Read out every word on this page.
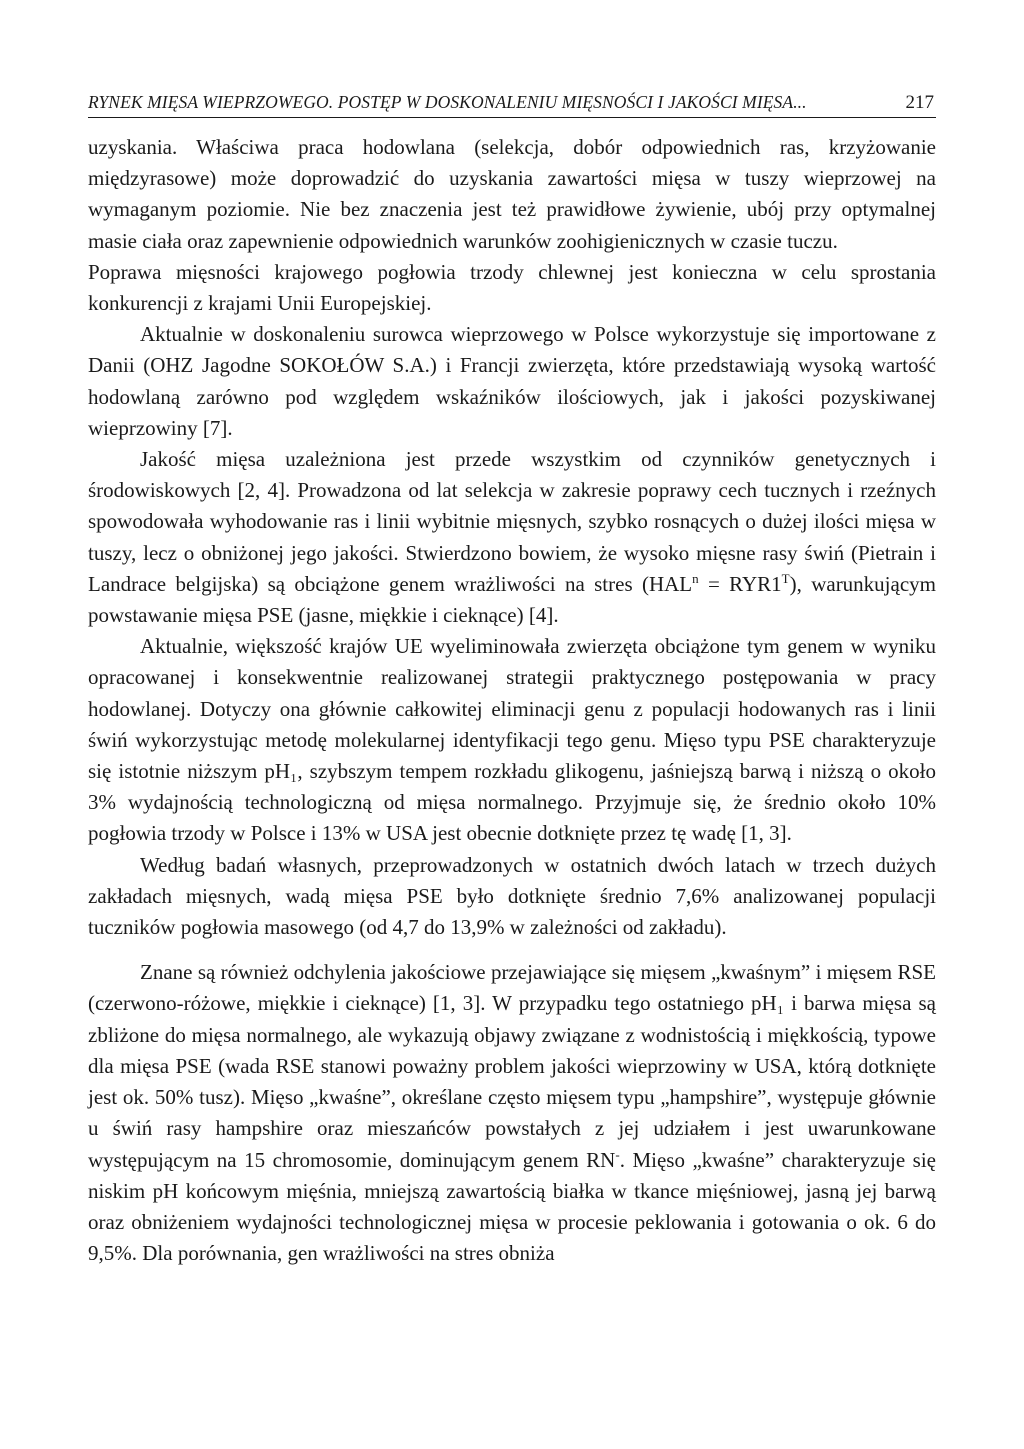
RYNEK MIĘSA WIEPRZOWEGO. POSTĘP W DOSKONALENIU MIĘSNOŚCI I JAKOŚCI MIĘSA...	217

uzyskania. Właściwa praca hodowlana (selekcja, dobór odpowiednich ras, krzyżowanie międzyrasowe) może doprowadzić do uzyskania zawartości mięsa w tuszy wieprzowej na wymaganym poziomie. Nie bez znaczenia jest też prawidłowe żywienie, ubój przy optymalnej masie ciała oraz zapewnienie odpowiednich warunków zoohigienicznych w czasie tuczu.

Poprawa mięsności krajowego pogłowia trzody chlewnej jest konieczna w celu sprostania konkurencji z krajami Unii Europejskiej.

Aktualnie w doskonaleniu surowca wieprzowego w Polsce wykorzystuje się importowane z Danii (OHZ Jagodne SOKOŁÓW S.A.) i Francji zwierzęta, które przedstawiają wysoką wartość hodowlaną zarówno pod względem wskaźników ilościowych, jak i jakości pozyskiwanej wieprzowiny [7].

Jakość mięsa uzależniona jest przede wszystkim od czynników genetycznych i środowiskowych [2, 4]. Prowadzona od lat selekcja w zakresie poprawy cech tucznych i rzeźnych spowodowała wyhodowanie ras i linii wybitnie mięsnych, szybko rosnących o dużej ilości mięsa w tuszy, lecz o obniżonej jego jakości. Stwierdzono bowiem, że wysoko mięsne rasy świń (Pietrain i Landrace belgijska) są obciążone genem wrażliwości na stres $(HAL^n = RYR1^T)$, warunkującym powstawanie mięsa PSE (jasne, miękkie i cieknące) [4].

Aktualnie, większość krajów UE wyeliminowała zwierzęta obciążone tym genem w wyniku opracowanej i konsekwentnie realizowanej strategii praktycznego postępowania w pracy hodowlanej. Dotyczy ona głównie całkowitej eliminacji genu z populacji hodowanych ras i linii świń wykorzystując metodę molekularnej identyfikacji tego genu. Mięso typu PSE charakteryzuje się istotnie niższym pH₁, szybszym tempem rozkładu glikogenu, jaśniejszą barwą i niższą o około 3% wydajnością technologiczną od mięsa normalnego. Przyjmuje się, że średnio około 10% pogłowia trzody w Polsce i 13% w USA jest obecnie dotknięte przez tę wadę [1, 3].

Według badań własnych, przeprowadzonych w ostatnich dwóch latach w trzech dużych zakładach mięsnych, wadą mięsa PSE było dotknięte średnio 7,6% analizowanej populacji tuczników pogłowia masowego (od 4,7 do 13,9% w zależności od zakładu).

Znane są również odchylenia jakościowe przejawiające się mięsem „kwaśnym” i mięsem RSE (czerwono-różowe, miękkie i cieknące) [1, 3]. W przypadku tego ostatniego pH₁ i barwa mięsa są zbliżone do mięsa normalnego, ale wykazują objawy związane z wodnistością i miękkością, typowe dla mięsa PSE (wada RSE stanowi poważny problem jakości wieprzowiny w USA, którą dotknięte jest ok. 50% tusz). Mięso „kwaśne”, określane często mięsem typu „hampshire”, występuje głównie u świń rasy hampshire oraz mieszańców powstałych z jej udziałem i jest uwarunkowane występującym na 15 chromosomie, dominującym genem RN-. Mięso „kwaśne” charakteryzuje się niskim pH końcowym mięśnia, mniejszą zawartością białka w tkance mięśniowej, jasną jej barwą oraz obniżeniem wydajności technologicznej mięsa w procesie peklowania i gotowania o ok. 6 do 9,5%. Dla porównania, gen wrażliwości na stres obniża
